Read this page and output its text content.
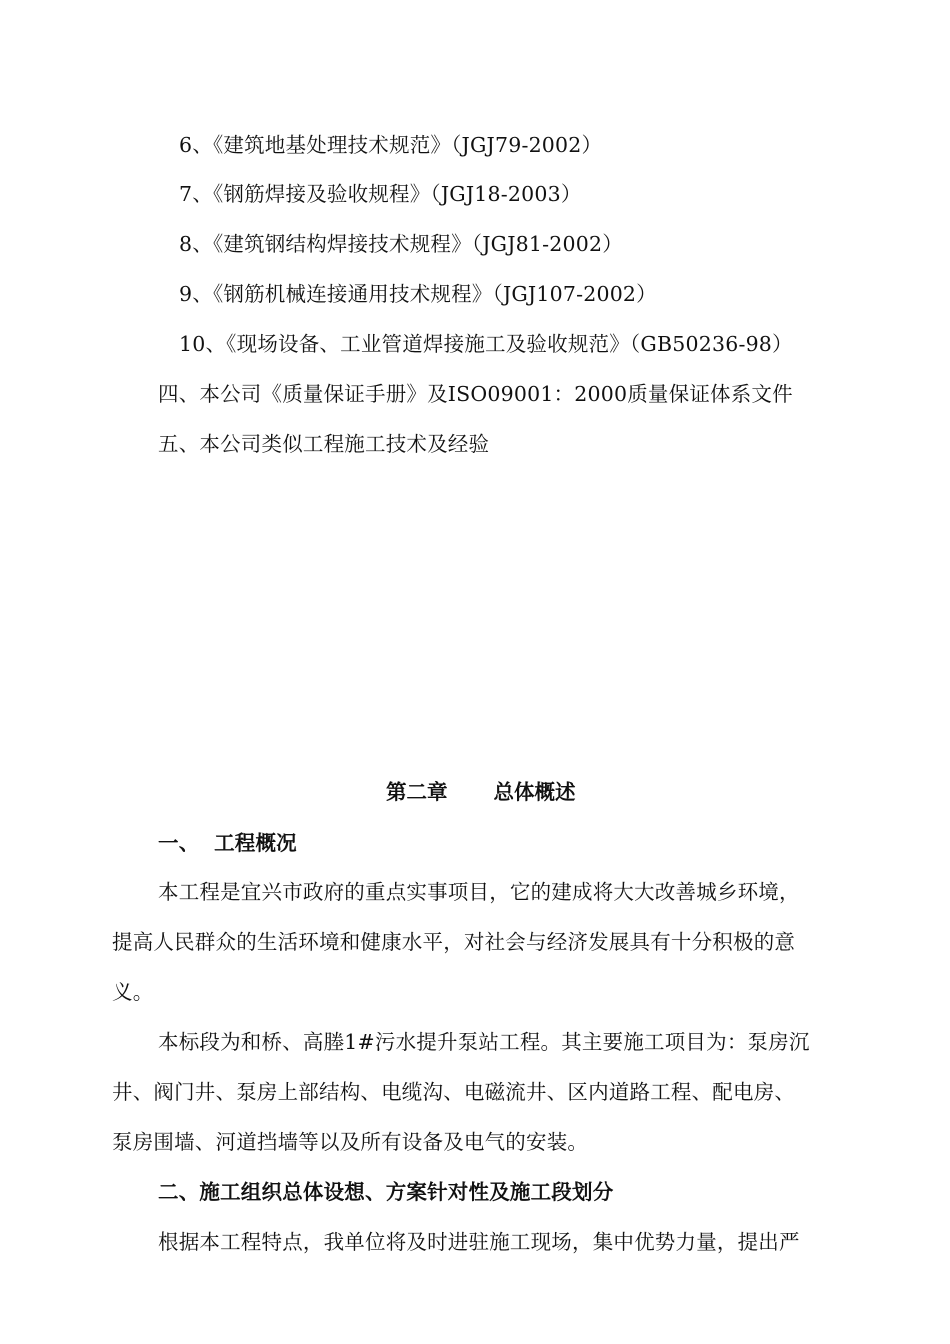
6、《建筑地基处理技术规范》（JGJ79-2002）
7、《钢筋焊接及验收规程》（JGJ18-2003）
8、《建筑钢结构焊接技术规程》（JGJ81-2002）
9、《钢筋机械连接通用技术规程》（JGJ107-2002）
10、《现场设备、工业管道焊接施工及验收规范》（GB50236-98）
四、本公司《质量保证手册》及ISO09001：2000质量保证体系文件
五、本公司类似工程施工技术及经验
第二章 总体概述
一、  工程概况
本工程是宜兴市政府的重点实事项目，它的建成将大大改善城乡环境，
提高人民群众的生活环境和健康水平，对社会与经济发展具有十分积极的意
义。
本标段为和桥、高塍1#污水提升泵站工程。其主要施工项目为：泵房沉
井、阀门井、泵房上部结构、电缆沟、电磁流井、区内道路工程、配电房、
泵房围墙、河道挡墙等以及所有设备及电气的安装。
二、施工组织总体设想、方案针对性及施工段划分
根据本工程特点，我单位将及时进驻施工现场，集中优势力量，提出严
